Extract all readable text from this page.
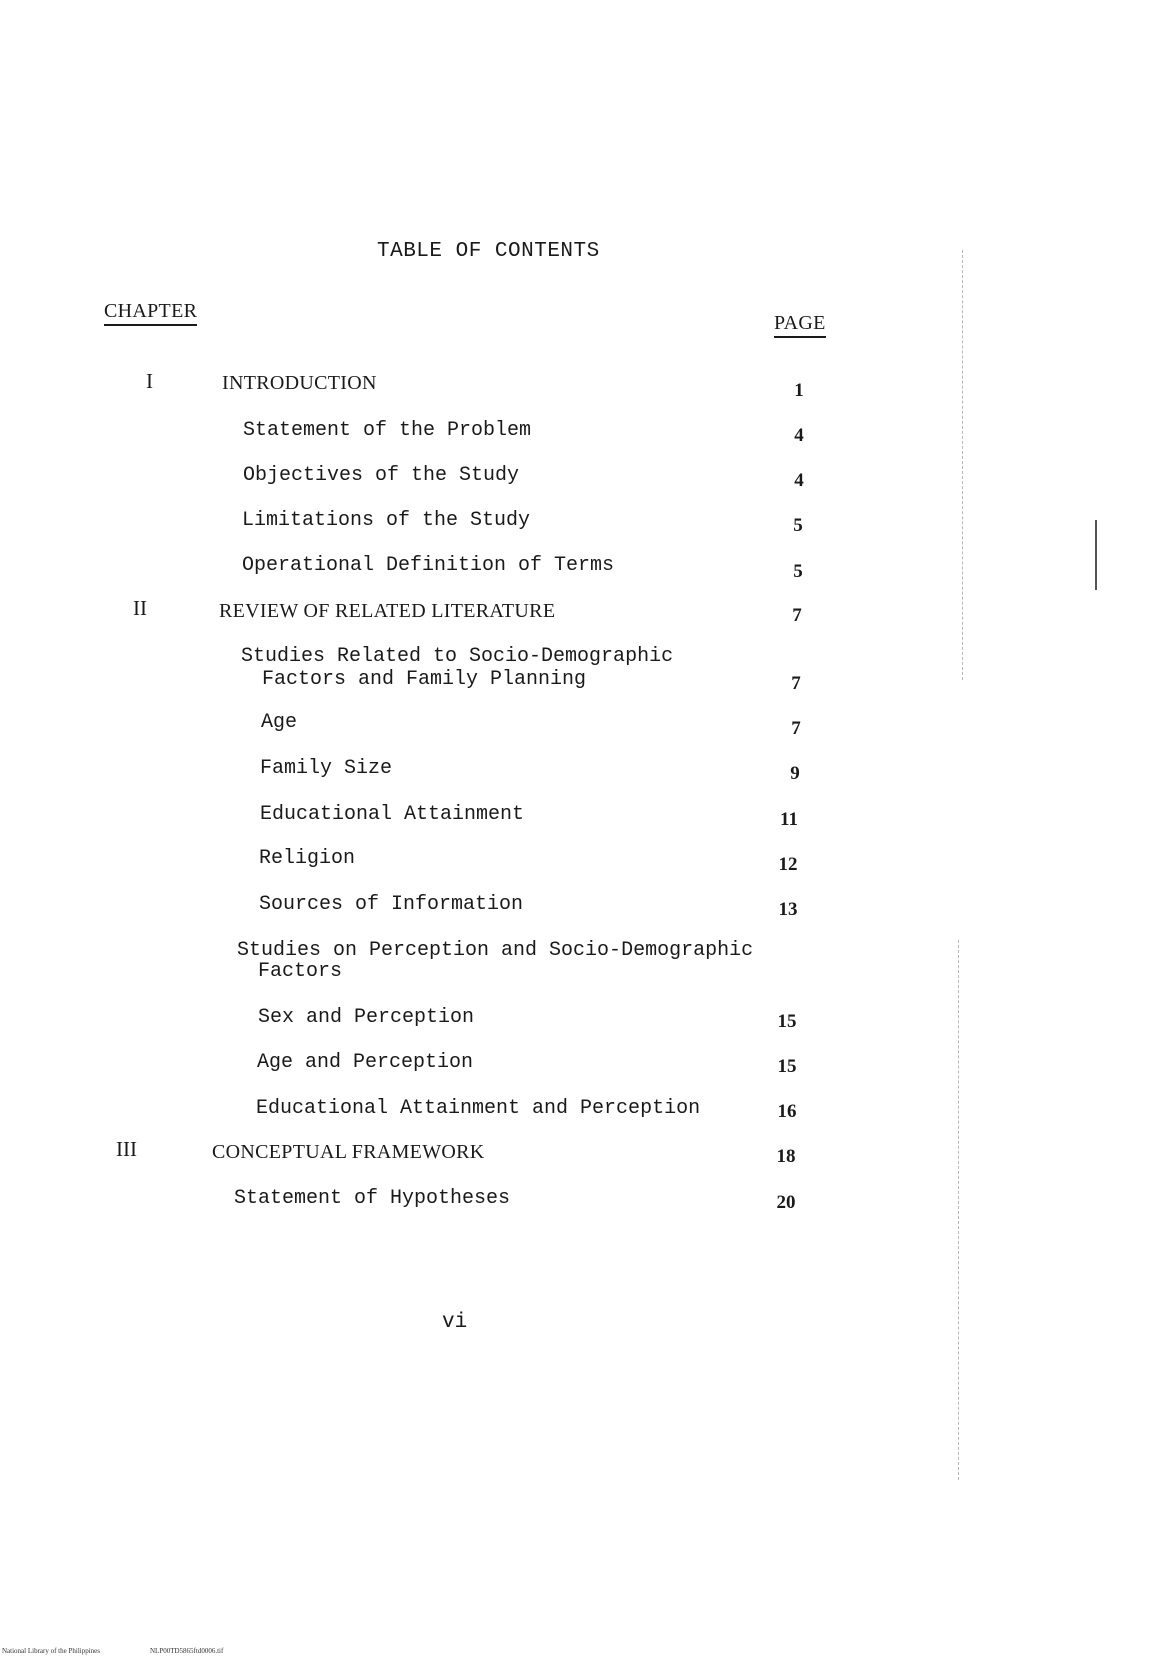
TABLE OF CONTENTS
CHAPTER
PAGE
I	INTRODUCTION	1
Statement of the Problem	4
Objectives of the Study	4
Limitations of the Study	5
Operational Definition of Terms	5
II	REVIEW OF RELATED LITERATURE	7
Studies Related to Socio-Demographic
Factors and Family Planning	7
Age	7
Family Size	9
Educational Attainment	11
Religion	12
Sources of Information	13
Studies on Perception and Socio-Demographic
Factors
Sex and Perception	15
Age and Perception	15
Educational Attainment and Perception	16
III	CONCEPTUAL FRAMEWORK	18
Statement of Hypotheses	20
vi
National Library of the Philippines	NLP00TD5865ftd0006.tif
